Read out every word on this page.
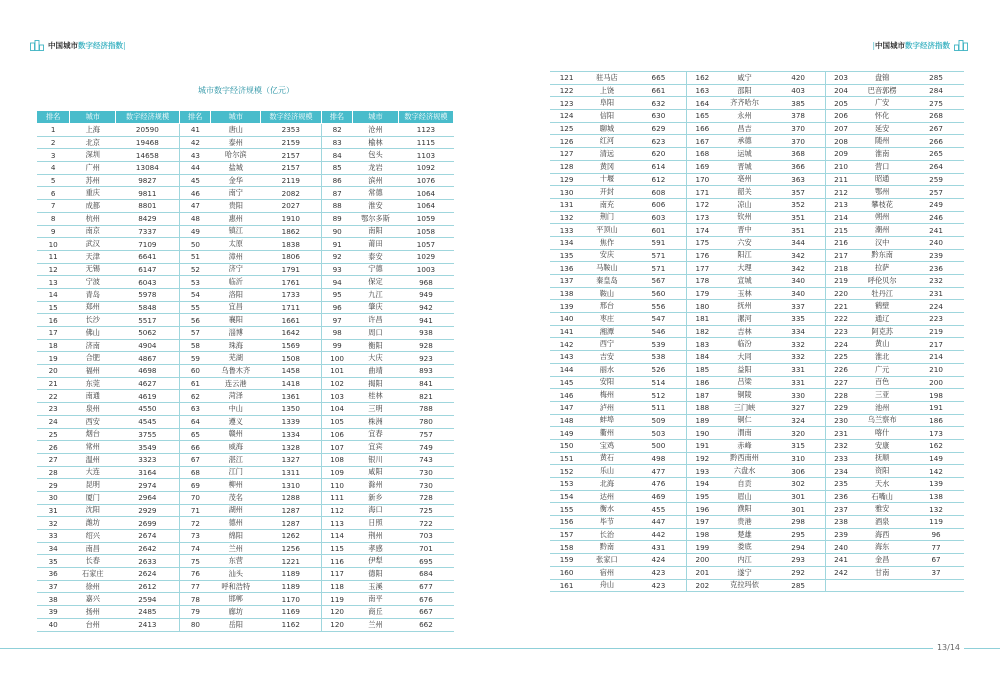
中国城市数字经济指数|	|中国城市数字经济指数
城市数字经济规模（亿元）
排名	城市	数字经济规模	排名	城市	数字经济规模	排名	城市	数字经济规模
1	上海	20590	41	唐山	2353	82	沧州	1123
2	北京	19468	42	泰州	2159	83	榆林	1115
3	深圳	14658	43	哈尔滨	2157	84	包头	1103
4	广州	13084	44	盐城	2157	85	龙岩	1092
5	苏州	9827	45	金华	2119	86	滨州	1076
6	重庆	9811	46	南宁	2082	87	常德	1064
7	成都	8801	47	贵阳	2027	88	淮安	1064
8	杭州	8429	48	惠州	1910	89	鄂尔多斯	1059
9	南京	7337	49	镇江	1862	90	南阳	1058
10	武汉	7109	50	太原	1838	91	莆田	1057
11	天津	6641	51	漳州	1806	92	泰安	1029
12	无锡	6147	52	济宁	1791	93	宁德	1003
13	宁波	6043	53	临沂	1761	94	保定	968
14	青岛	5978	54	洛阳	1733	95	九江	949
15	郑州	5848	55	宜昌	1711	96	肇庆	942
16	长沙	5517	56	襄阳	1661	97	许昌	941
17	佛山	5062	57	淄博	1642	98	周口	938
18	济南	4904	58	珠海	1569	99	衡阳	928
19	合肥	4867	59	芜湖	1508	100	大庆	923
20	福州	4698	60	乌鲁木齐	1458	101	曲靖	893
21	东莞	4627	61	连云港	1418	102	揭阳	841
22	南通	4619	62	菏泽	1361	103	桂林	821
23	泉州	4550	63	中山	1350	104	三明	788
24	西安	4545	64	遵义	1339	105	株洲	780
25	烟台	3755	65	赣州	1334	106	宜春	757
26	常州	3549	66	威海	1328	107	宜宾	749
27	温州	3323	67	湛江	1327	108	银川	743
28	大连	3164	68	江门	1311	109	咸阳	730
29	昆明	2974	69	柳州	1310	110	滁州	730
30	厦门	2964	70	茂名	1288	111	新乡	728
31	沈阳	2929	71	湖州	1287	112	海口	725
32	潍坊	2699	72	德州	1287	113	日照	722
33	绍兴	2674	73	绵阳	1262	114	荆州	703
34	南昌	2642	74	兰州	1256	115	孝感	701
35	长春	2633	75	东营	1221	116	伊犁	695
36	石家庄	2624	76	汕头	1189	117	德阳	684
37	徐州	2612	77	呼和浩特	1189	118	玉溪	677
38	嘉兴	2594	78	邯郸	1170	119	南平	676
39	扬州	2485	79	廊坊	1169	120	商丘	667
40	台州	2413	80	岳阳	1162	120	兰州	662
121	驻马店	665	162	咸宁	420	203	盘锦	285
122	上饶	661	163	邵阳	403	204	巴音郭楞	284
123	阜阳	632	164	齐齐哈尔	385	205	广安	275
124	信阳	630	165	永州	378	206	怀化	268
125	聊城	629	166	昌吉	370	207	延安	267
126	红河	623	167	承德	370	208	随州	266
127	清远	620	168	运城	368	209	淮南	265
128	黄冈	614	169	晋城	366	210	营口	264
129	十堰	612	170	亳州	363	211	昭通	259
130	开封	608	171	韶关	357	212	鄂州	257
131	南充	606	172	凉山	352	213	攀枝花	249
132	荆门	603	173	钦州	351	214	朔州	246
133	平顶山	601	174	晋中	351	215	潮州	241
134	焦作	591	175	六安	344	216	汉中	240
135	安庆	571	176	阳江	342	217	黔东南	239
136	马鞍山	571	177	大理	342	218	拉萨	236
137	秦皇岛	567	178	宣城	340	219	呼伦贝尔	232
138	鞍山	560	179	玉林	340	220	牡丹江	231
139	邢台	556	180	抚州	337	221	鹤壁	224
140	枣庄	547	181	漯河	335	222	通辽	223
141	湘潭	546	182	吉林	334	223	阿克苏	219
142	西宁	539	183	临汾	332	224	黄山	217
143	吉安	538	184	大同	332	225	淮北	214
144	丽水	526	185	益阳	331	226	广元	210
145	安阳	514	186	吕梁	331	227	百色	200
146	梅州	512	187	铜陵	330	228	三亚	198
147	泸州	511	188	三门峡	327	229	池州	191
148	蚌埠	509	189	铜仁	324	230	乌兰察布	186
149	衢州	503	190	渭南	320	231	喀什	173
150	宝鸡	500	191	赤峰	315	232	安康	162
151	黄石	498	192	黔西南州	310	233	抚顺	149
152	乐山	477	193	六盘水	306	234	资阳	142
153	北海	476	194	自贡	302	235	天水	139
154	达州	469	195	眉山	301	236	石嘴山	138
155	衡水	455	196	濮阳	301	237	雅安	132
156	毕节	447	197	贵港	298	238	酒泉	119
157	长治	442	198	楚雄	295	239	海西	96
158	黔南	431	199	娄底	294	240	海东	77
159	张家口	424	200	内江	293	241	金昌	67
160	宿州	423	201	遂宁	292	242	甘南	37
161	舟山	423	202	克拉玛依	285			
13/14
